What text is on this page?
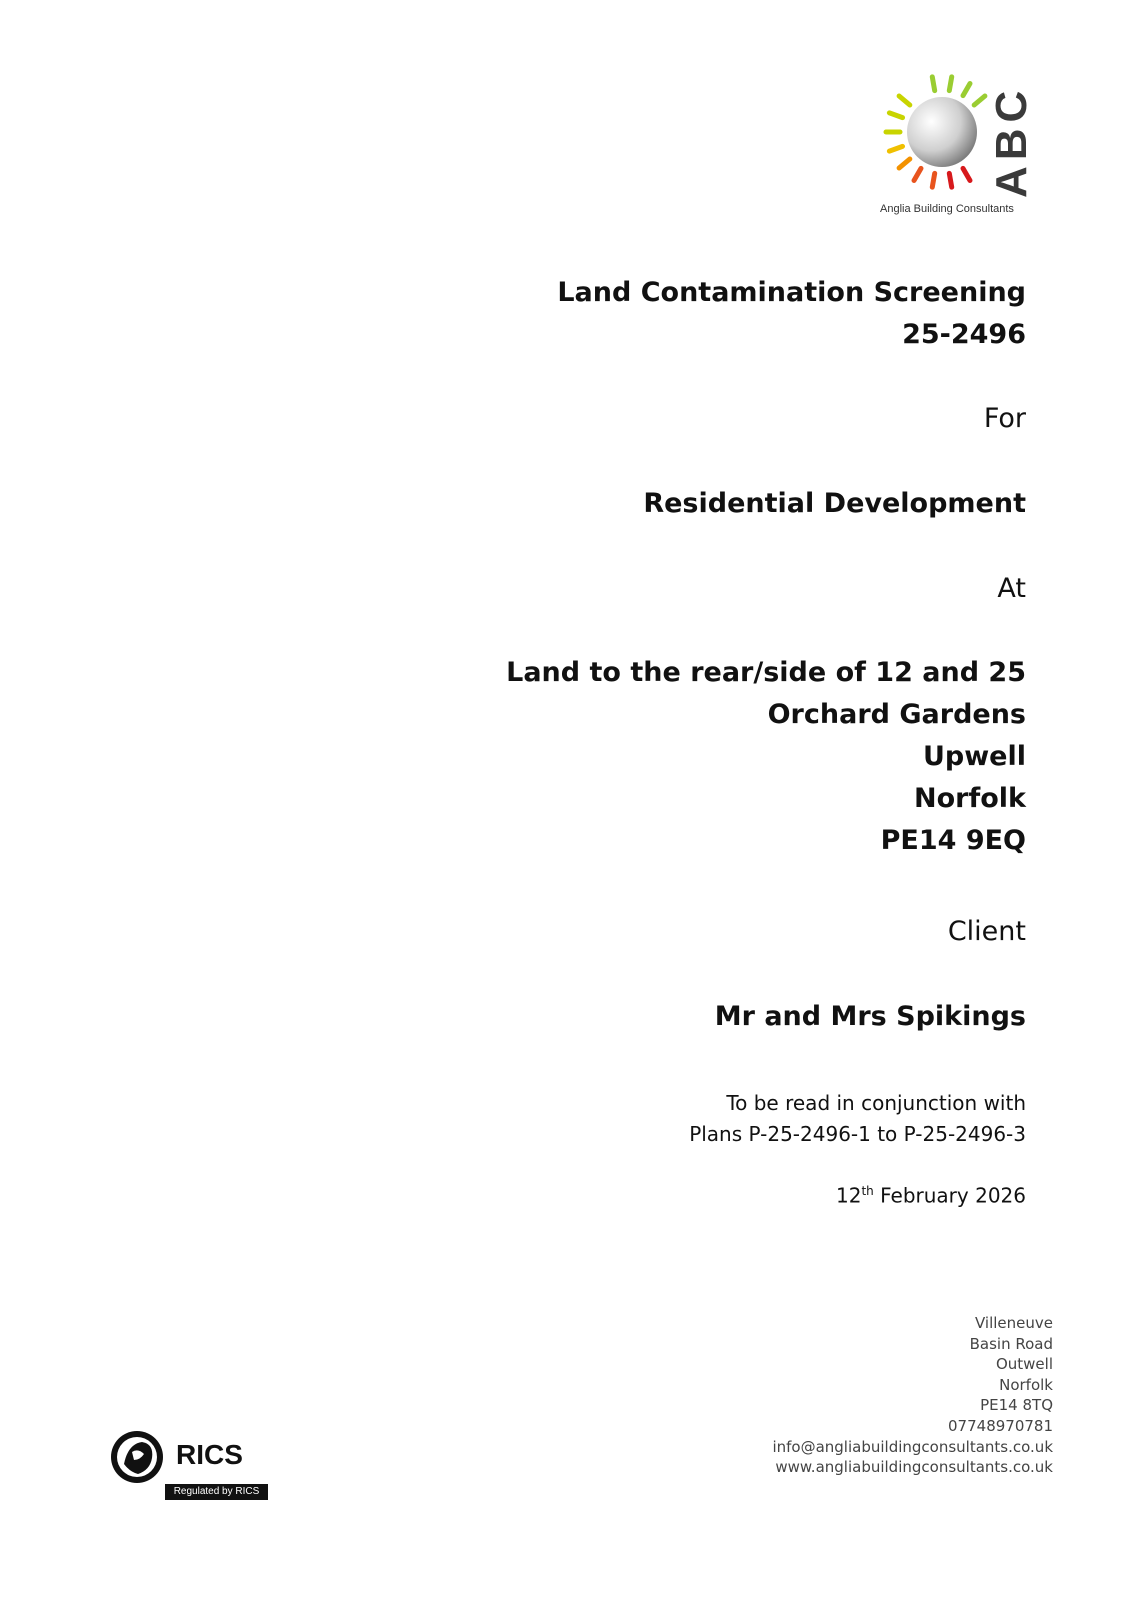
ABC
Anglia Building Consultants
Land Contamination Screening
25-2496
For
Residential Development
At
Land to the rear/side of 12 and 25
Orchard Gardens
Upwell
Norfolk
PE14 9EQ
Client
Mr and Mrs Spikings
To be read in conjunction with
Plans P-25-2496-1 to P-25-2496-3
12th February 2026
Villeneuve
Basin Road
Outwell
Norfolk
PE14 8TQ
07748970781
info@angliabuildingconsultants.co.uk
www.angliabuildingconsultants.co.uk
RICS
Regulated by RICS
